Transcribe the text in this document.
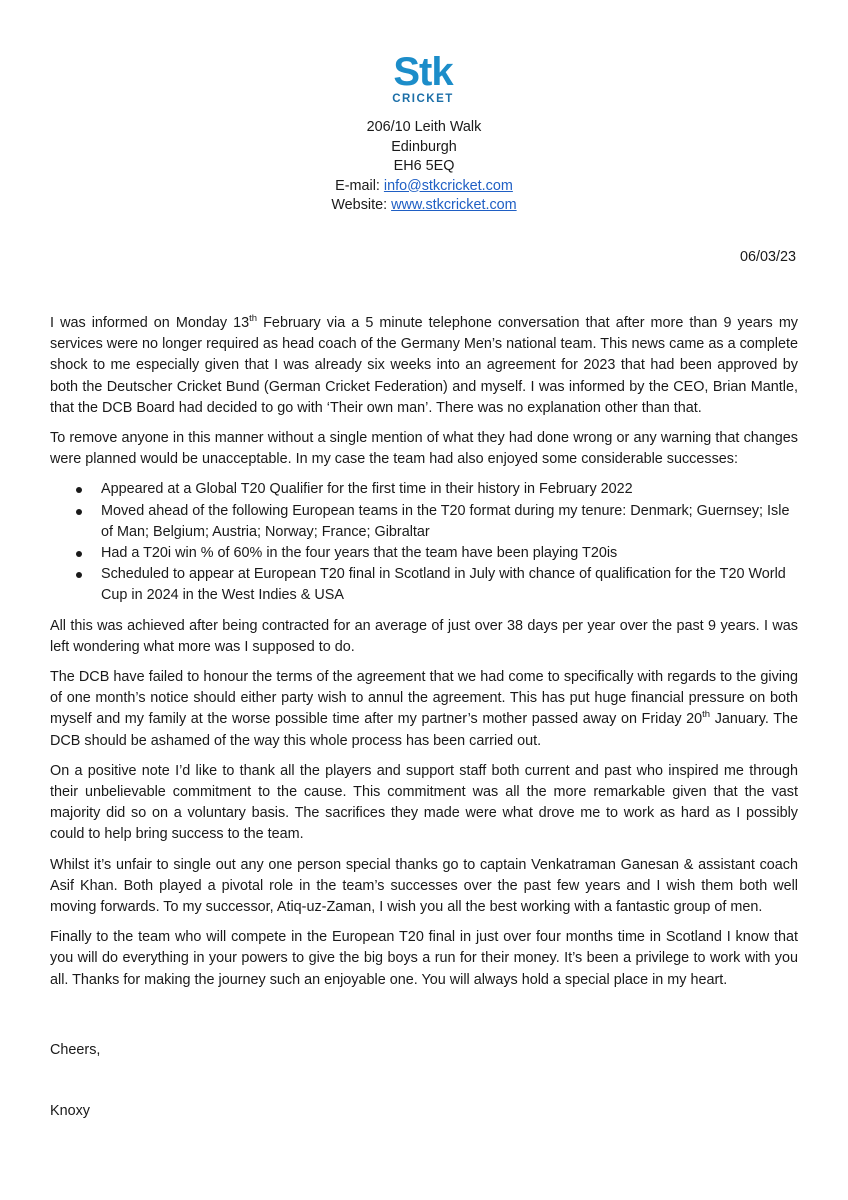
Stk
CRICKET
206/10 Leith Walk
Edinburgh
EH6 5EQ
E-mail: info@stkcricket.com
Website: www.stkcricket.com
06/03/23

I was informed on Monday 13th February via a 5 minute telephone conversation that after more than 9 years my services were no longer required as head coach of the Germany Men’s national team. This news came as a complete shock to me especially given that I was already six weeks into an agreement for 2023 that had been approved by both the Deutscher Cricket Bund (German Cricket Federation) and myself. I was informed by the CEO, Brian Mantle, that the DCB Board had decided to go with ‘Their own man’. There was no explanation other than that.

To remove anyone in this manner without a single mention of what they had done wrong or any warning that changes were planned would be unacceptable. In my case the team had also enjoyed some considerable successes:

Appeared at a Global T20 Qualifier for the first time in their history in February 2022
Moved ahead of the following European teams in the T20 format during my tenure: Denmark; Guernsey; Isle of Man; Belgium; Austria; Norway; France; Gibraltar
Had a T20i win % of 60% in the four years that the team have been playing T20is
Scheduled to appear at European T20 final in Scotland in July with chance of qualification for the T20 World Cup in 2024 in the West Indies & USA

All this was achieved after being contracted for an average of just over 38 days per year over the past 9 years. I was left wondering what more was I supposed to do.

The DCB have failed to honour the terms of the agreement that we had come to specifically with regards to the giving of one month’s notice should either party wish to annul the agreement. This has put huge financial pressure on both myself and my family at the worse possible time after my partner’s mother passed away on Friday 20th January. The DCB should be ashamed of the way this whole process has been carried out.

On a positive note I’d like to thank all the players and support staff both current and past who inspired me through their unbelievable commitment to the cause. This commitment was all the more remarkable given that the vast majority did so on a voluntary basis. The sacrifices they made were what drove me to work as hard as I possibly could to help bring success to the team.

Whilst it’s unfair to single out any one person special thanks go to captain Venkatraman Ganesan & assistant coach Asif Khan. Both played a pivotal role in the team’s successes over the past few years and I wish them both well moving forwards. To my successor, Atiq-uz-Zaman, I wish you all the best working with a fantastic group of men.

Finally to the team who will compete in the European T20 final in just over four months time in Scotland I know that you will do everything in your powers to give the big boys a run for their money. It’s been a privilege to work with you all. Thanks for making the journey such an enjoyable one. You will always hold a special place in my heart.

Cheers,
Knoxy
